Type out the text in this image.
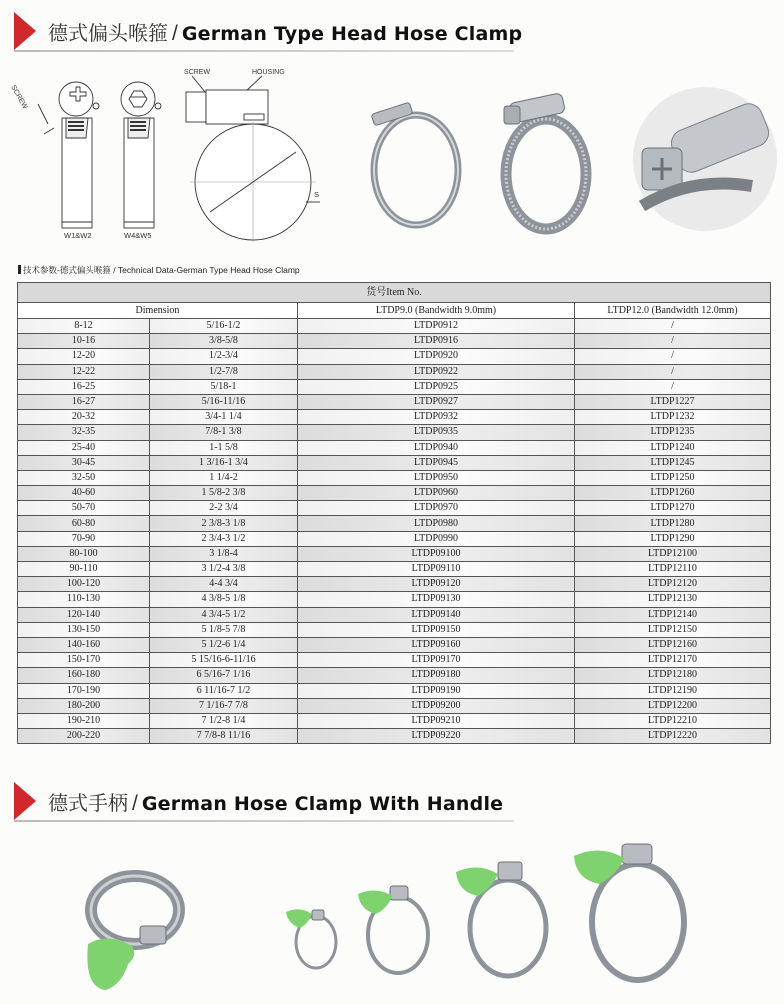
德式偏头喉箍 / German Type Head Hose Clamp
SCREW
W1&W2	W4&W5
SCREW	HOUSING
S
技术参数-德式偏头喉箍 / Technical Data-German Type Head Hose Clamp
货号Item No.			
Dimension		LTDP9.0 (Bandwidth 9.0mm)	LTDP12.0 (Bandwidth 12.0mm)
8-12	5/16-1/2	LTDP0912	/
10-16	3/8-5/8	LTDP0916	/
12-20	1/2-3/4	LTDP0920	/
12-22	1/2-7/8	LTDP0922	/
16-25	5/18-1	LTDP0925	/
16-27	5/16-11/16	LTDP0927	LTDP1227
20-32	3/4-1 1/4	LTDP0932	LTDP1232
32-35	7/8-1 3/8	LTDP0935	LTDP1235
25-40	1-1 5/8	LTDP0940	LTDP1240
30-45	1 3/16-1 3/4	LTDP0945	LTDP1245
32-50	1 1/4-2	LTDP0950	LTDP1250
40-60	1 5/8-2 3/8	LTDP0960	LTDP1260
50-70	2-2 3/4	LTDP0970	LTDP1270
60-80	2 3/8-3 1/8	LTDP0980	LTDP1280
70-90	2 3/4-3 1/2	LTDP0990	LTDP1290
80-100	3 1/8-4	LTDP09100	LTDP12100
90-110	3 1/2-4 3/8	LTDP09110	LTDP12110
100-120	4-4 3/4	LTDP09120	LTDP12120
110-130	4 3/8-5 1/8	LTDP09130	LTDP12130
120-140	4 3/4-5 1/2	LTDP09140	LTDP12140
130-150	5 1/8-5 7/8	LTDP09150	LTDP12150
140-160	5 1/2-6 1/4	LTDP09160	LTDP12160
150-170	5 15/16-6-11/16	LTDP09170	LTDP12170
160-180	6 5/16-7 1/16	LTDP09180	LTDP12180
170-190	6 11/16-7 1/2	LTDP09190	LTDP12190
180-200	7 1/16-7 7/8	LTDP09200	LTDP12200
190-210	7 1/2-8 1/4	LTDP09210	LTDP12210
200-220	7 7/8-8 11/16	LTDP09220	LTDP12220
德式手柄 / German Hose Clamp With Handle
